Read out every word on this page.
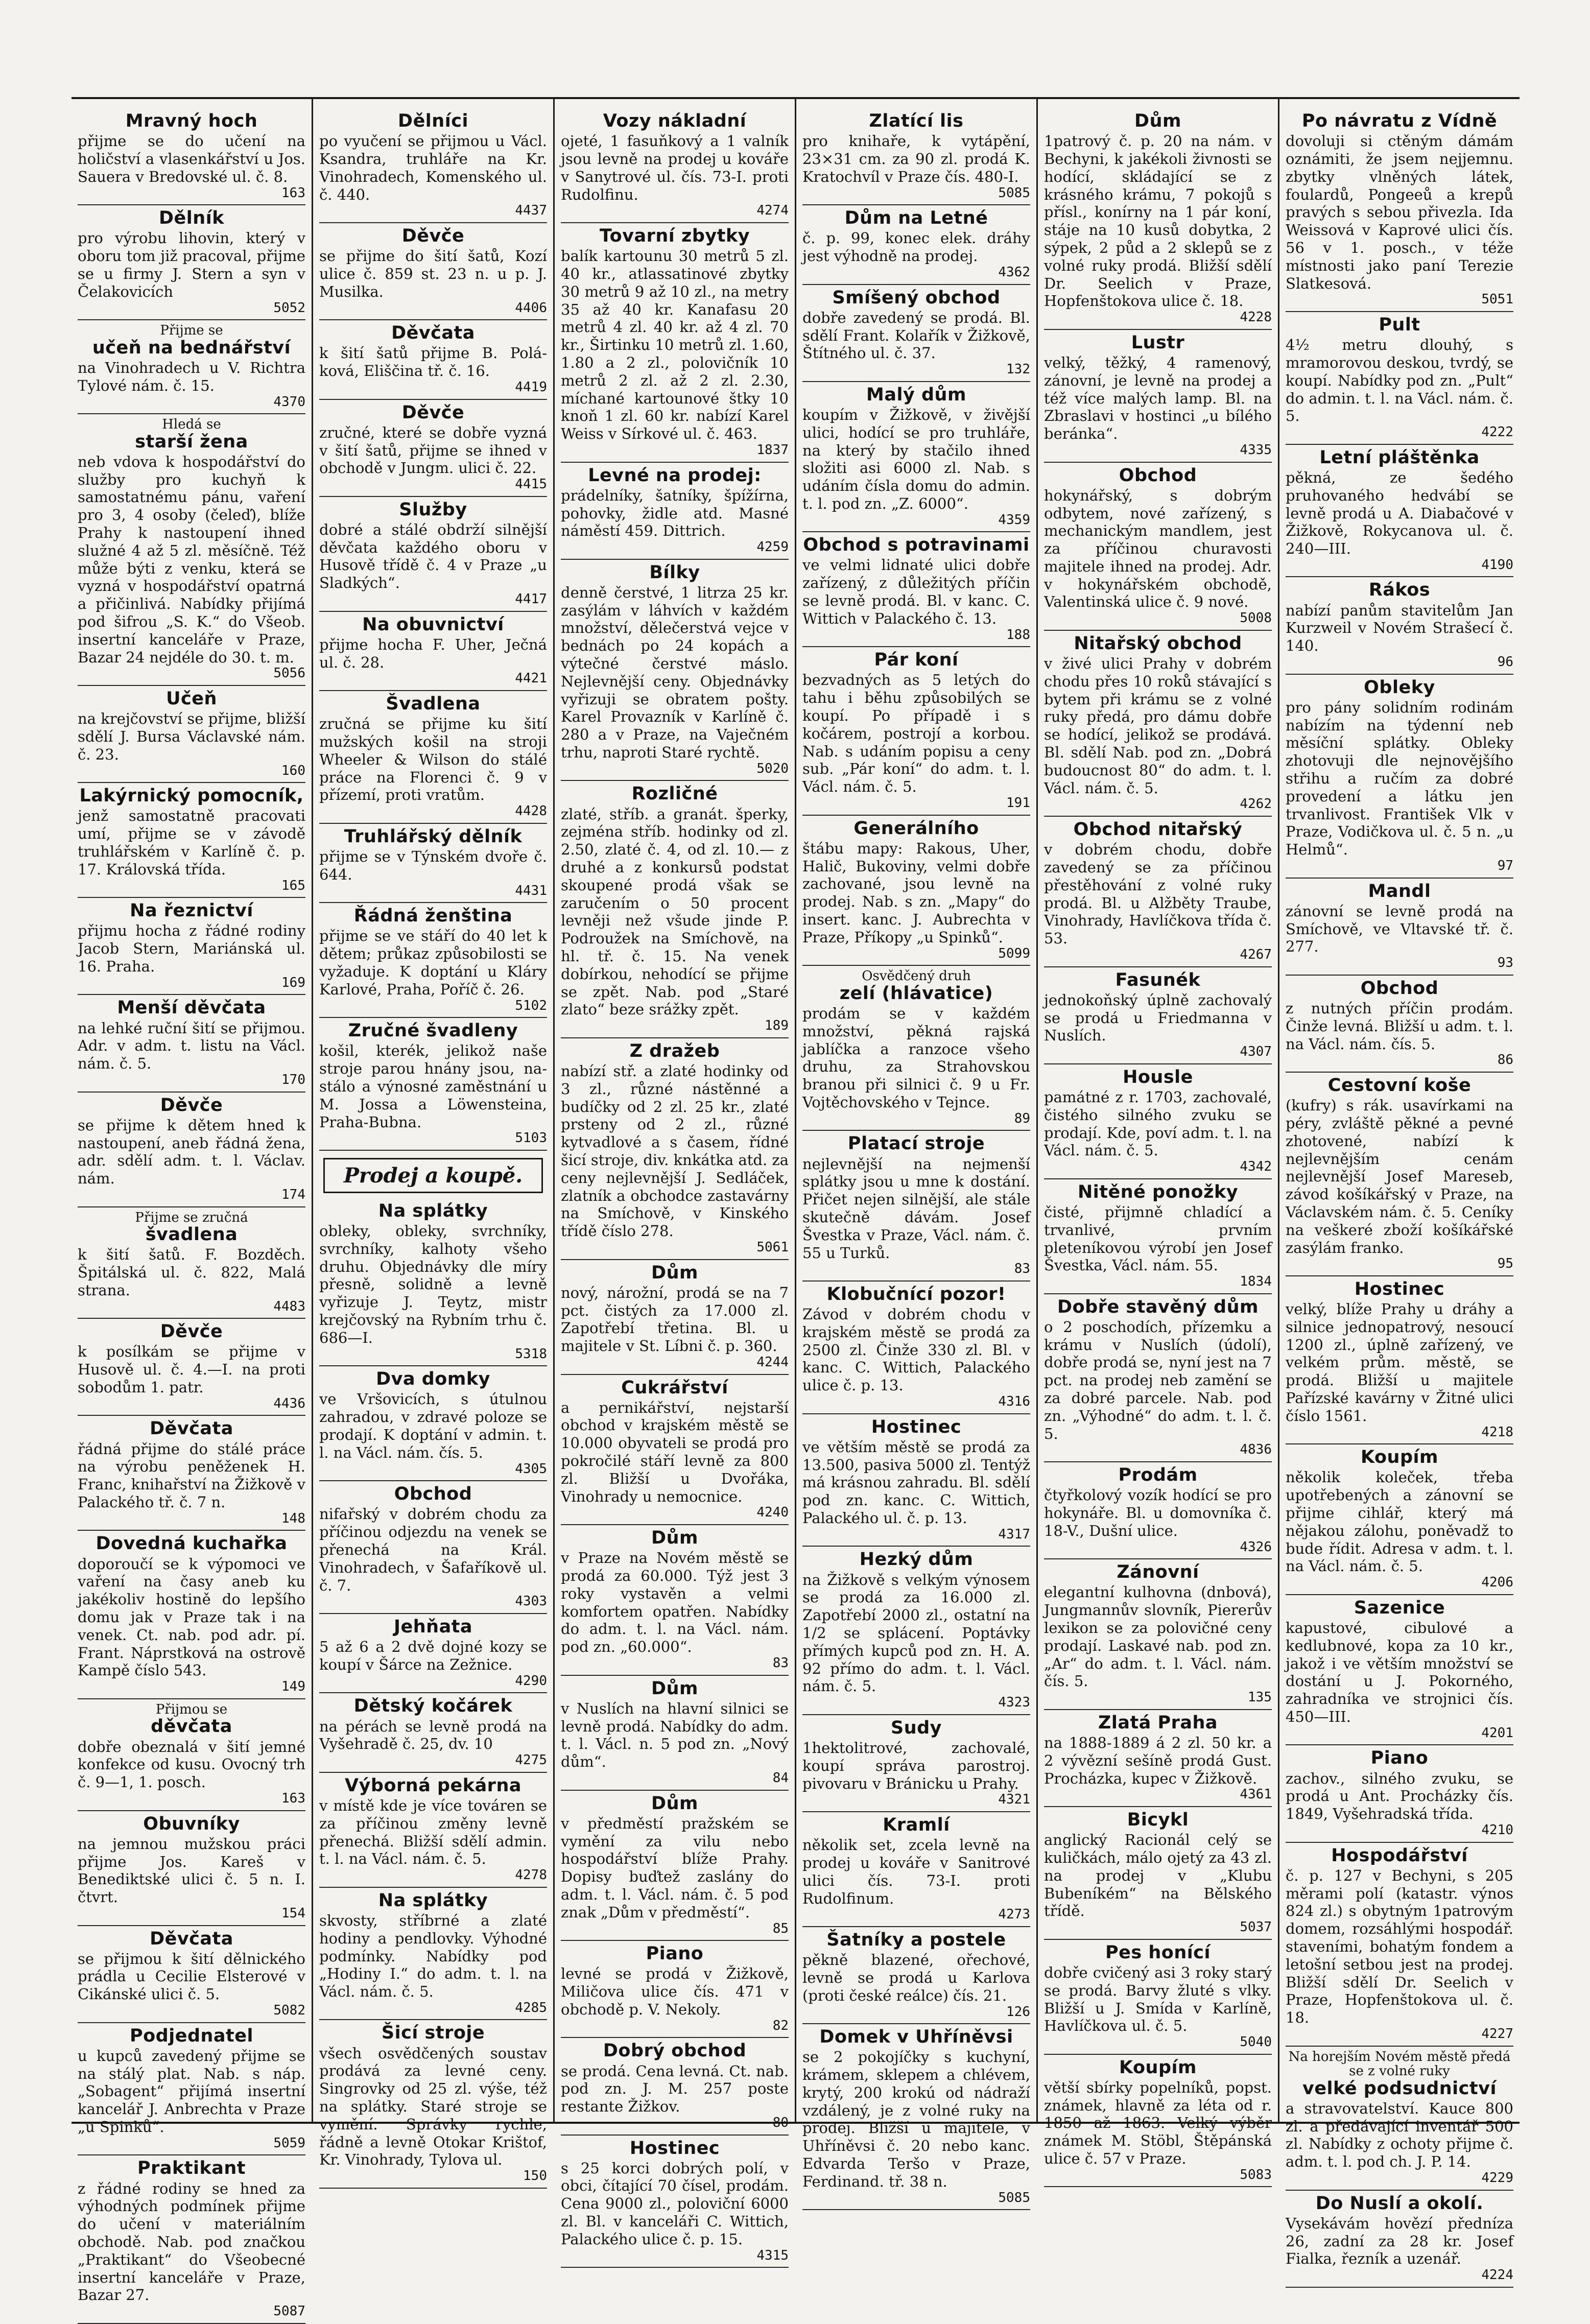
Mravný hoch

přijme se do učení na holičství a vlasenkářství u Jos. Sauera v Bredovské ul. č. 8.

163

Dělník

pro výrobu lihovin, který v oboru tom již pracoval, přijme se u firmy J. Stern a syn v Čelakovicích

5052

Přijme se

učeň na bednářství

na Vinohradech u V. Richtra Tylové nám. č. 15.

4370

Hledá se

starší žena

neb vdova k hospodářství do služby pro kuchyň k samostatnému pánu, vaření pro 3, 4 osoby (čeleď), blíže Prahy k nastoupení ihned služné 4 až 5 zl. měsíčně. Též může býti z venku, která se vyzná v hospodářství opatrná a přičinlivá. Nabídky přijímá pod šifrou „S. K.“ do Všeob. insertní kanceláře v Praze, Bazar 24 nejdéle do 30. t. m.

5056

Učeň

na krejčovství se přijme, bližší sdělí J. Bursa Václavské nám. č. 23.

160

Lakýrnický pomocník,

jenž samostatně pracovati umí, přijme se v závodě truhlářském v Karlíně č. p. 17. Královská třída.

165

Na řeznictví

přijmu hocha z řádné rodiny Jacob Stern, Mariánská ul. 16. Praha.

169

Menší děvčata

na lehké ruční šití se přijmou. Adr. v adm. t. listu na Václ. nám. č. 5.

170

Děvče

se přijme k dětem hned k nastoupení, aneb řádná žena, adr. sdělí adm. t. l. Václav. nám.

174

Přijme se zručná

švadlena

k šití šatů. F. Bozděch. Špitálská ul. č. 822, Malá strana.

4483

Děvče

k posílkám se přijme v Husově ul. č. 4.—I. na proti sobodům 1. patr.

4436

Děvčata

řádná přijme do stálé práce na výrobu peněženek H. Franc, knihařství na Žižkově v Palackého tř. č. 7 n.

148

Dovedná kuchařka

doporoučí se k výpomoci ve vaření na časy aneb ku jakékoliv hostině do lepšího domu jak v Praze tak i na venek. Ct. nab. pod adr. pí. Frant. Náprstková na ostrově Kampě číslo 543.

149

Přijmou se

děvčata

dobře obeznalá v šití jemné konfekce od kusu. Ovocný trh č. 9—1, 1. posch.

163

Obuvníky

na jemnou mužskou práci přijme Jos. Kareš v Benediktské ulici č. 5 n. I. čtvrt.

154

Děvčata

se přijmou k šití dělnického prádla u Cecilie Elsterové v Cikánské ulici č. 5.

5082

Podjednatel

u kupců zavedený přijme se na stálý plat. Nab. s náp. „Sobagent“ přijímá insertní kancelář J. Anbrechta v Praze „u Spinků“.

5059

Praktikant

z řádné rodiny se hned za výhodných podmínek přijme do učení v materiálním obchodě. Nab. pod značkou „Praktikant“ do Všeobecné insertní kanceláře v Praze, Bazar 27.

5087

Dělníci

po vyučení se přijmou u Václ. Ksandra, truhláře na Kr. Vinohradech, Komenského ul. č. 440.

4437

Děvče

se přijme do šití šatů, Kozí ulice č. 859 st. 23 n. u p. J. Musilka.

4406

Děvčata

k šití šatů přijme B. Polá-ková, Eliščina tř. č. 16.

4419

Děvče

zručné, které se dobře vyzná v šití šatů, přijme se ihned v obchodě v Jungm. ulici č. 22.

4415

Služby

dobré a stálé obdrží silnější děvčata každého oboru v Husově třídě č. 4 v Praze „u Sladkých“.

4417

Na obuvnictví

přijme hocha F. Uher, Ječná ul. č. 28.

4421

Švadlena

zručná se přijme ku šití mužských košil na stroji Wheeler & Wilson do stálé práce na Florenci č. 9 v přízemí, proti vratům.

4428

Truhlářský dělník

přijme se v Týnském dvoře č. 644.

4431

Řádná ženština

přijme se ve stáří do 40 let k dětem; průkaz způsobilosti se vyžaduje. K doptání u Kláry Karlové, Praha, Poříč č. 26.

5102

Zručné švadleny

košil, kterék, jelikož naše stroje parou hnány jsou, na-stálo a výnosné zaměstnání u M. Jossa a Löwensteina, Praha-Bubna.

5103

Prodej a koupě.
Na splátky

obleky, obleky, svrchníky, svrchníky, kalhoty všeho druhu. Objednávky dle míry přesně, solidně a levně vyřizuje J. Teytz, mistr krejčovský na Rybním trhu č. 686—I.

5318

Dva domky

ve Vršovicích, s útulnou zahradou, v zdravé poloze se prodají. K doptání v admin. t. l. na Václ. nám. čís. 5.

4305

Obchod

nifařský v dobrém chodu za příčinou odjezdu na venek se přenechá na Král. Vinohradech, v Šafaříkově ul. č. 7.

4303

Jehňata

5 až 6 a 2 dvě dojné kozy se koupí v Šárce na Zežnice.

4290

Dětský kočárek

na pérách se levně prodá na Vyšehradě č. 25, dv. 10

4275

Výborná pekárna

v místě kde je více továren se za příčinou změny levně přenechá. Bližší sdělí admin. t. l. na Václ. nám. č. 5.

4278

Na splátky

skvosty, stříbrné a zlaté hodiny a pendlovky. Výhodné podmínky. Nabídky pod „Hodiny I.“ do adm. t. l. na Václ. nám. č. 5.

4285

Šicí stroje

všech osvědčených soustav prodává za levné ceny. Singrovky od 25 zl. výše, též na splátky. Staré stroje se vymění. Správky rychle, řádně a levně Otokar Krištof, Kr. Vinohrady, Tylova ul.

150

Vozy nákladní

ojeté, 1 fasuňkový a 1 valník jsou levně na prodej u kováře v Sanytrové ul. čís. 73-I. proti Rudolfinu.

4274

Tovarní zbytky

balík kartounu 30 metrů 5 zl. 40 kr., atlassatinové zbytky 30 metrů 9 až 10 zl., na metry 35 až 40 kr. Kanafasu 20 metrů 4 zl. 40 kr. až 4 zl. 70 kr., Širtinku 10 metrů zl. 1.60, 1.80 a 2 zl., polovičník 10 metrů 2 zl. až 2 zl. 2.30, míchané kartounové štky 10 knoň 1 zl. 60 kr. nabízí Karel Weiss v Sírkové ul. č. 463.

1837

Levné na prodej:

prádelníky, šatníky, špížírna, pohovky, židle atd. Masné náměstí 459. Dittrich.

4259

Bílky

denně čerstvé, 1 litrza 25 kr. zasýlám v láhvích v každém množství, dělečerstvá vejce v bednách po 24 kopách a výtečné čerstvé máslo. Nejlevnější ceny. Objednávky vyřizuji se obratem pošty. Karel Provazník v Karlíně č. 280 a v Praze, na Vaječném trhu, naproti Staré rychtě.

5020

Rozličné

zlaté, stříb. a granát. šperky, zejména stříb. hodinky od zl. 2.50, zlaté č. 4, od zl. 10.— z druhé a z konkursů podstat skoupené prodá však se zaručením o 50 procent levněji než všude jinde P. Podroužek na Smíchově, na hl. tř. č. 15. Na venek dobírkou, nehodící se přijme se zpět. Nab. pod „Staré zlato“ beze srážky zpět.

189

Z dražeb

nabízí stř. a zlaté hodinky od 3 zl., různé nástěnné a budíčky od 2 zl. 25 kr., zlaté prsteny od 2 zl., různé kytvadlové a s časem, řídné šicí stroje, div. knkátka atd. za ceny nejlevnější J. Sedláček, zlatník a obchodce zastavárny na Smíchově, v Kinského třídě číslo 278.

5061

Dům

nový, nárožní, prodá se na 7 pct. čistých za 17.000 zl. Zapotřebí třetina. Bl. u majitele v St. Líbni č. p. 360.

4244

Cukrářství

a pernikářství, nejstarší obchod v krajském městě se 10.000 obyvateli se prodá pro pokročilé stáří levně za 800 zl. Bližší u Dvořáka, Vinohrady u nemocnice.

4240

Dům

v Praze na Novém městě se prodá za 60.000. Týž jest 3 roky vystavěn a velmi komfortem opatřen. Nabídky do adm. t. l. na Václ. nám. pod zn. „60.000“.

83

Dům

v Nuslích na hlavní silnici se levně prodá. Nabídky do adm. t. l. Václ. n. 5 pod zn. „Nový dům“.

84

Dům

v předměstí pražském se vymění za vilu nebo hospodářství blíže Prahy. Dopisy buďtež zaslány do adm. t. l. Václ. nám. č. 5 pod znak „Dům v předměstí“.

85

Piano

levné se prodá v Žižkově, Miličova ulice čís. 471 v obchodě p. V. Nekoly.

82

Dobrý obchod

se prodá. Cena levná. Ct. nab. pod zn. J. M. 257 poste restante Žižkov.

80

Hostinec

s 25 korci dobrých polí, v obci, čítající 70 čísel, prodám. Cena 9000 zl., poloviční 6000 zl. Bl. v kanceláři C. Wittich, Palackého ulice č. p. 15.

4315

Zlatící lis

pro knihaře, k vytápění, 23×31 cm. za 90 zl. prodá K. Kratochvíl v Praze čís. 480-I.

5085

Dům na Letné

č. p. 99, konec elek. dráhy jest výhodně na prodej.

4362

Smíšený obchod

dobře zavedený se prodá. Bl. sdělí Frant. Kolařík v Žižkově, Štítného ul. č. 37.

132

Malý dům

koupím v Žižkově, v živější ulici, hodící se pro truhláře, na který by stačilo ihned složiti asi 6000 zl. Nab. s udáním čísla domu do admin. t. l. pod zn. „Z. 6000“.

4359

Obchod s potravinami

ve velmi lidnaté ulici dobře zařízený, z důležitých příčin se levně prodá. Bl. v kanc. C. Wittich v Palackého č. 13.

188

Pár koní

bezvadných as 5 letých do tahu i běhu způsobilých se koupí. Po případě i s kočárem, postrojí a korbou. Nab. s udáním popisu a ceny sub. „Pár koní“ do adm. t. l. Václ. nám. č. 5.

191

Generálního

štábu mapy: Rakous, Uher, Halič, Bukoviny, velmi dobře zachované, jsou levně na prodej. Nab. s zn. „Mapy“ do insert. kanc. J. Aubrechta v Praze, Příkopy „u Spinků“.

5099

Osvědčený druh

zelí (hlávatice)

prodám se v každém množství, pěkná rajská jablíčka a ranzoce všeho druhu, za Strahovskou branou při silnici č. 9 u Fr. Vojtěchovského v Tejnce.

89

Platací stroje

nejlevnější na nejmenší splátky jsou u mne k dostání. Přičet nejen silnější, ale stále skutečně dávám. Josef Švestka v Praze, Václ. nám. č. 55 u Turků.

83

Klobučnící pozor!

Závod v dobrém chodu v krajském městě se prodá za 2500 zl. Činže 330 zl. Bl. v kanc. C. Wittich, Palackého ulice č. p. 13.

4316

Hostinec

ve větším městě se prodá za 13.500, pasiva 5000 zl. Tentýž má krásnou zahradu. Bl. sdělí pod zn. kanc. C. Wittich, Palackého ul. č. p. 13.

4317

Hezký dům

na Žižkově s velkým výnosem se prodá za 16.000 zl. Zapotřebí 2000 zl., ostatní na 1/2 se splácení. Poptávky přímých kupců pod zn. H. A. 92 přímo do adm. t. l. Václ. nám. č. 5.

4323

Sudy

1hektolitrové, zachovalé, koupí správa parostroj. pivovaru v Bránicku u Prahy.

4321

Kramlí

několik set, zcela levně na prodej u kováře v Sanitrové ulici čís. 73-I. proti Rudolfinum.

4273

Šatníky a postele

pěkně blazené, ořechové, levně se prodá u Karlova (proti české reálce) čís. 21.

126

Domek v Uhříněvsi

se 2 pokojíčky s kuchyní, krámem, sklepem a chlévem, krytý, 200 krokú od nádraží vzdálený, je z volné ruky na prodej. Bližší u majitele, v Uhříněvsi č. 20 nebo kanc. Edvarda Teršo v Praze, Ferdinand. tř. 38 n.

5085

Dům

1patrový č. p. 20 na nám. v Bechyni, k jakékoli živnosti se hodící, skládající se z krásného krámu, 7 pokojů s přísl., konírny na 1 pár koní, stáje na 10 kusů dobytka, 2 sýpek, 2 půd a 2 sklepů se z volné ruky prodá. Bližší sdělí Dr. Seelich v Praze, Hopfenštokova ulice č. 18.

4228

Lustr

velký, těžký, 4 ramenový, zánovní, je levně na prodej a též více malých lamp. Bl. na Zbraslavi v hostinci „u bílého beránka“.

4335

Obchod

hokynářský, s dobrým odbytem, nové zařízený, s mechanickým mandlem, jest za příčinou churavosti majitele ihned na prodej. Adr. v hokynářském obchodě, Valentinská ulice č. 9 nové.

5008

Nitařský obchod

v živé ulici Prahy v dobrém chodu přes 10 roků stávající s bytem při krámu se z volné ruky předá, pro dámu dobře se hodící, jelikož se prodává. Bl. sdělí Nab. pod zn. „Dobrá budoucnost 80“ do adm. t. l. Václ. nám. č. 5.

4262

Obchod nitařský

v dobrém chodu, dobře zavedený se za příčinou přestěhování z volné ruky prodá. Bl. u Alžběty Traube, Vinohrady, Havlíčkova třída č. 53.

4267

Fasunék

jednokoňský úplně zachovalý se prodá u Friedmanna v Nuslích.

4307

Housle

památné z r. 1703, zachovalé, čistého silného zvuku se prodají. Kde, poví adm. t. l. na Václ. nám. č. 5.

4342

Nitěné ponožky

čisté, přijmně chladící a trvanlivé, prvním pleteníkovou výrobí jen Josef Švestka, Václ. nám. 55.

1834

Dobře stavěný dům

o 2 poschodích, přízemku a krámu v Nuslích (údolí), dobře prodá se, nyní jest na 7 pct. na prodej neb zamění se za dobré parcele. Nab. pod zn. „Výhodné“ do adm. t. l. č. 5.

4836

Prodám

čtyřkolový vozík hodící se pro hokynáře. Bl. u domovníka č. 18-V., Dušní ulice.

4326

Zánovní

elegantní kulhovna (dnbová), Jungmannův slovník, Piererův lexikon se za polovičné ceny prodají. Laskavé nab. pod zn. „Ar“ do adm. t. l. Václ. nám. čís. 5.

135

Zlatá Praha

na 1888-1889 á 2 zl. 50 kr. a 2 vývězní sešíně prodá Gust. Procházka, kupec v Žižkově.

4361

Bicykl

anglický Racionál celý se kuličkách, málo ojetý za 43 zl. na prodej v „Klubu Bubeníkém“ na Bělského třídě.

5037

Pes honící

dobře cvičený asi 3 roky starý se prodá. Barvy žluté s vlky. Bližší u J. Smída v Karlíně, Havlíčkova ul. č. 5.

5040

Koupím

větší sbírky popelníků, popst. známek, hlavně za léta od r. 1850 až 1863. Velký výběr známek M. Stöbl, Štěpánská ulice č. 57 v Praze.

5083

Po návratu z Vídně

dovoluji si ctěným dámám oznámiti, že jsem nejjemnu. zbytky vlněných látek, foulardů, Pongeeů a krepů pravých s sebou přivezla. Ida Weissová v Kaprové ulici čís. 56 v 1. posch., v téže místnosti jako paní Terezie Slatkesová.

5051

Pult

4½ metru dlouhý, s mramorovou deskou, tvrdý, se koupí. Nabídky pod zn. „Pult“ do admin. t. l. na Václ. nám. č. 5.

4222

Letní pláštěnka

pěkná, ze šedého pruhovaného hedvábí se levně prodá u A. Diabačové v Žižkově, Rokycanova ul. č. 240—III.

4190

Rákos

nabízí panům stavitelům Jan Kurzweil v Novém Strašecí č. 140.

96

Obleky

pro pány solidním rodinám nabízím na týdenní neb měsíční splátky. Obleky zhotovuji dle nejnovějšího střihu a ručím za dobré provedení a látku jen trvanlivost. František Vlk v Praze, Vodičkova ul. č. 5 n. „u Helmů“.

97

Mandl

zánovní se levně prodá na Smíchově, ve Vltavské tř. č. 277.

93

Obchod

z nutných příčin prodám. Činže levná. Bližší u adm. t. l. na Václ. nám. čís. 5.

86

Cestovní koše

(kufry) s rák. usavírkami na péry, zvláště pěkné a pevné zhotovené, nabízí k nejlevnějším cenám nejlevnější Josef Mareseb, závod košíkářský v Praze, na Václavském nám. č. 5. Ceníky na veškeré zboží košíkářské zasýlám franko.

95

Hostinec

velký, blíže Prahy u dráhy a silnice jednopatrový, nesoucí 1200 zl., úplně zařízený, ve velkém prům. městě, se prodá. Bližší u majitele Pařízské kavárny v Žitné ulici číslo 1561.

4218

Koupím

několik koleček, třeba upotřebených a zánovní se přijme cihlář, který má nějakou zálohu, poněvadž to bude řídit. Adresa v adm. t. l. na Václ. nám. č. 5.

4206

Sazenice

kapustové, cibulové a kedlubnové, kopa za 10 kr., jakož i ve větším množství se dostání u J. Pokorného, zahradníka ve strojnici čís. 450—III.

4201

Piano

zachov., silného zvuku, se prodá u Ant. Procházky čís. 1849, Vyšehradská třída.

4210

Hospodářství

č. p. 127 v Bechyni, s 205 měrami polí (katastr. výnos 824 zl.) s obytným 1patrovým domem, rozsáhlými hospodář. staveními, bohatým fondem a letošní setbou jest na prodej. Bližší sdělí Dr. Seelich v Praze, Hopfenštokova ul. č. 18.

4227

Na horejším Novém městě předá se z volné ruky

velké podsudnictví

a stravovatelství. Kauce 800 zl. a předávající inventář 500 zl. Nabídky z ochoty přijme č. adm. t. l. pod ch. J. P. 14.

4229

Do Nuslí a okolí.

Vysekávám hovězí předníza 26, zadní za 28 kr. Josef Fialka, řezník a uzenář.

4224
